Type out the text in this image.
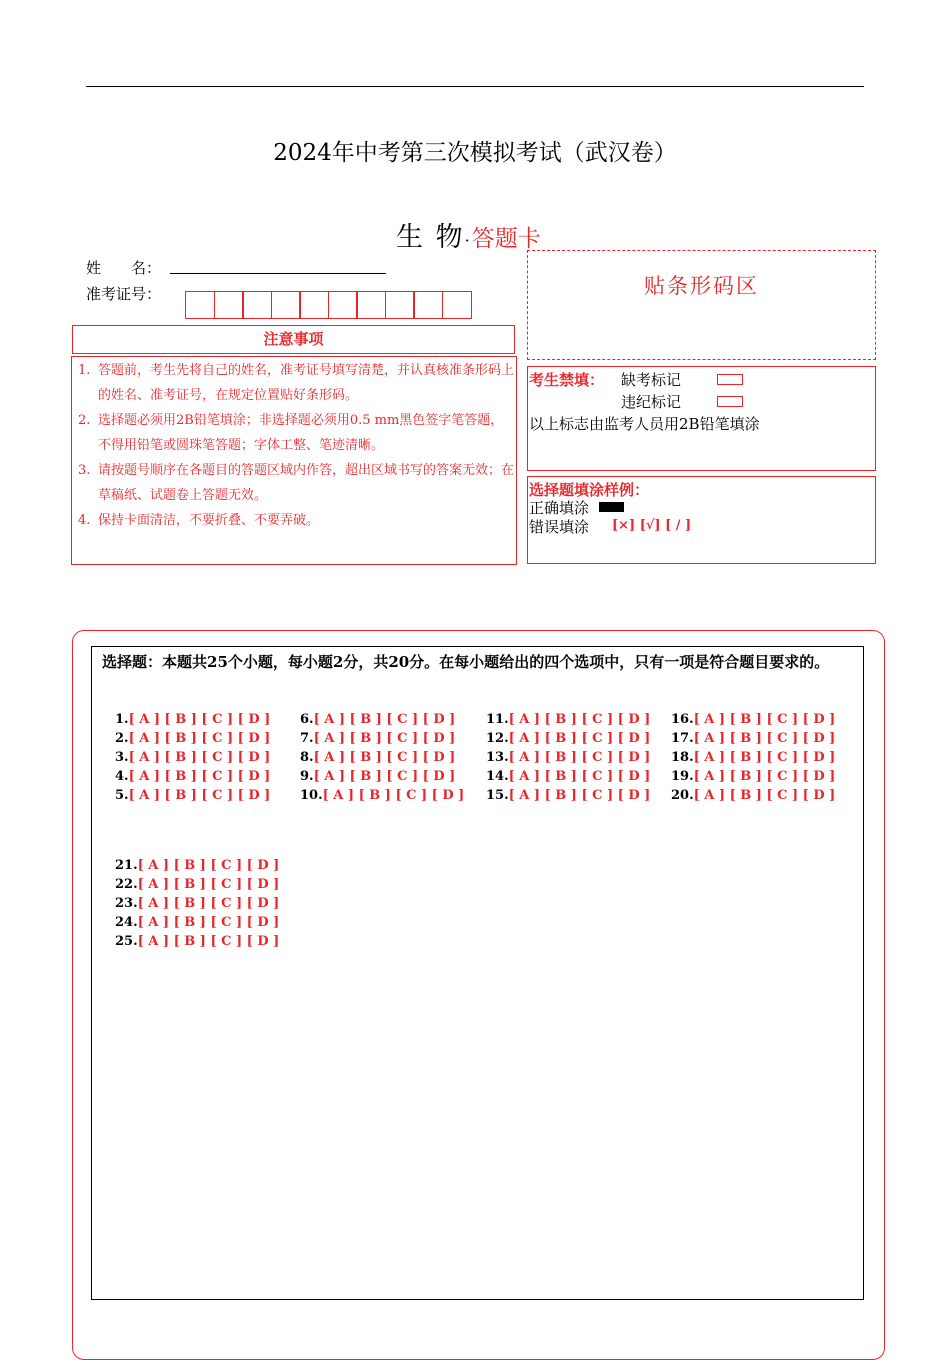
2024年中考第三次模拟考试（武汉卷）
生 物·答题卡
姓　　名：
准考证号：
注意事项
1. 答题前，考生先将自己的姓名，准考证号填写清楚，并认真核准条形码上的姓名、准考证号，在规定位置贴好条形码。
2. 选择题必须用2B铅笔填涂；非选择题必须用0.5 mm黑色签字笔答题，不得用铅笔或圆珠笔答题；字体工整、笔迹清晰。
3. 请按题号顺序在各题目的答题区域内作答，超出区域书写的答案无效；在草稿纸、试题卷上答题无效。
4. 保持卡面清洁，不要折叠、不要弄破。
贴条形码区
考生禁填： 缺考标记
违纪标记
以上标志由监考人员用2B铅笔填涂
选择题填涂样例：
正确填涂
错误填涂 [×] [√] [ / ]
选择题：本题共25个小题，每小题2分，共20分。在每小题给出的四个选项中，只有一项是符合题目要求的。
1.[ A ] [ B ] [ C ] [ D ]
2.[ A ] [ B ] [ C ] [ D ]
3.[ A ] [ B ] [ C ] [ D ]
4.[ A ] [ B ] [ C ] [ D ]
5.[ A ] [ B ] [ C ] [ D ]
6.[ A ] [ B ] [ C ] [ D ]
7.[ A ] [ B ] [ C ] [ D ]
8.[ A ] [ B ] [ C ] [ D ]
9.[ A ] [ B ] [ C ] [ D ]
10.[ A ] [ B ] [ C ] [ D ]
11.[ A ] [ B ] [ C ] [ D ]
12.[ A ] [ B ] [ C ] [ D ]
13.[ A ] [ B ] [ C ] [ D ]
14.[ A ] [ B ] [ C ] [ D ]
15.[ A ] [ B ] [ C ] [ D ]
16.[ A ] [ B ] [ C ] [ D ]
17.[ A ] [ B ] [ C ] [ D ]
18.[ A ] [ B ] [ C ] [ D ]
19.[ A ] [ B ] [ C ] [ D ]
20.[ A ] [ B ] [ C ] [ D ]
21.[ A ] [ B ] [ C ] [ D ]
22.[ A ] [ B ] [ C ] [ D ]
23.[ A ] [ B ] [ C ] [ D ]
24.[ A ] [ B ] [ C ] [ D ]
25.[ A ] [ B ] [ C ] [ D ]
